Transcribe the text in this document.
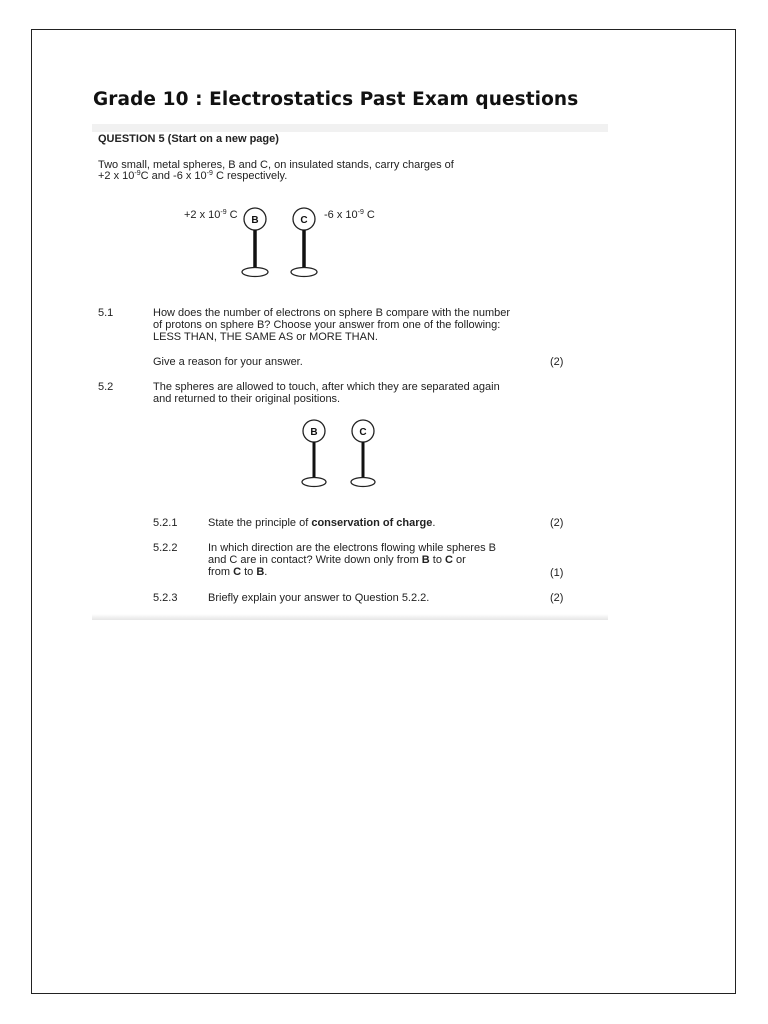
Grade 10 : Electrostatics Past Exam questions
QUESTION 5 (Start on a new page)
Two small, metal spheres, B and C, on insulated stands, carry charges of
+2 x $10^{-9}C$ and -6 x $10^{-9}$ C respectively.
+2 x $10^{-9}$ C	-6 x $10^{-9}$ C
B	C
5.1	How does the number of electrons on sphere B compare with the number
of protons on sphere B? Choose your answer from one of the following:
LESS THAN, THE SAME AS or MORE THAN.
Give a reason for your answer.	(2)
5.2	The spheres are allowed to touch, after which they are separated again
and returned to their original positions.
B	C
5.2.1	State the principle of conservation of charge.	(2)
5.2.2	In which direction are the electrons flowing while spheres B
and C are in contact? Write down only from B to C or
from C to B.	(1)
5.2.3	Briefly explain your answer to Question 5.2.2.	(2)
